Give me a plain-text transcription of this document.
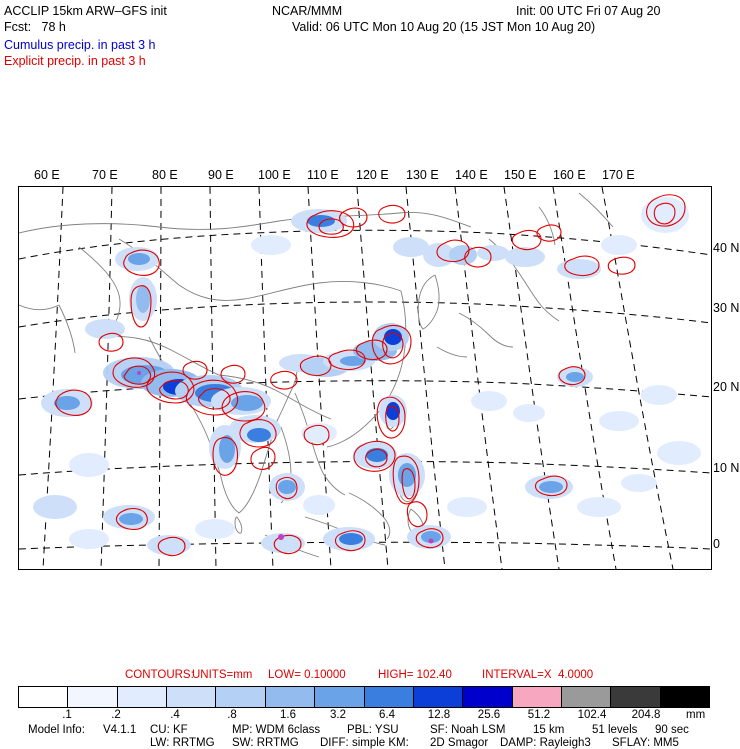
ACCLIP 15km ARW–GFS init	NCAR/MMM	Init: 00 UTC Fri 07 Aug 20
Fcst:   78 h	Valid: 06 UTC Mon 10 Aug 20 (15 JST Mon 10 Aug 20)
Cumulus precip. in past 3 h
Explicit precip. in past 3 h
60 E	70 E	80 E 90 E 100 E 110 E 120 E 130 E 140 E 150 E 160 E 170 E
40 N
30 N
20 N
10 N
0
CONTOURS:
UNITS=mm LOW= 0.10000	HIGH= 102.40	INTERVAL=X  4.0000
.1	.2	.4	.8	1.6	3.2	6.4	12.8 25.6 51.2 102.4 204.8 mm
Model Info: V4.1.1 CU: KF	MP: WDM 6class PBL: YSU	SF: Noah LSM 15 km 51 levels 90 sec
LW: RRTMG SW: RRTMG DIFF: simple KM: 2D Smagor DAMP: Rayleigh3 SFLAY: MM5
